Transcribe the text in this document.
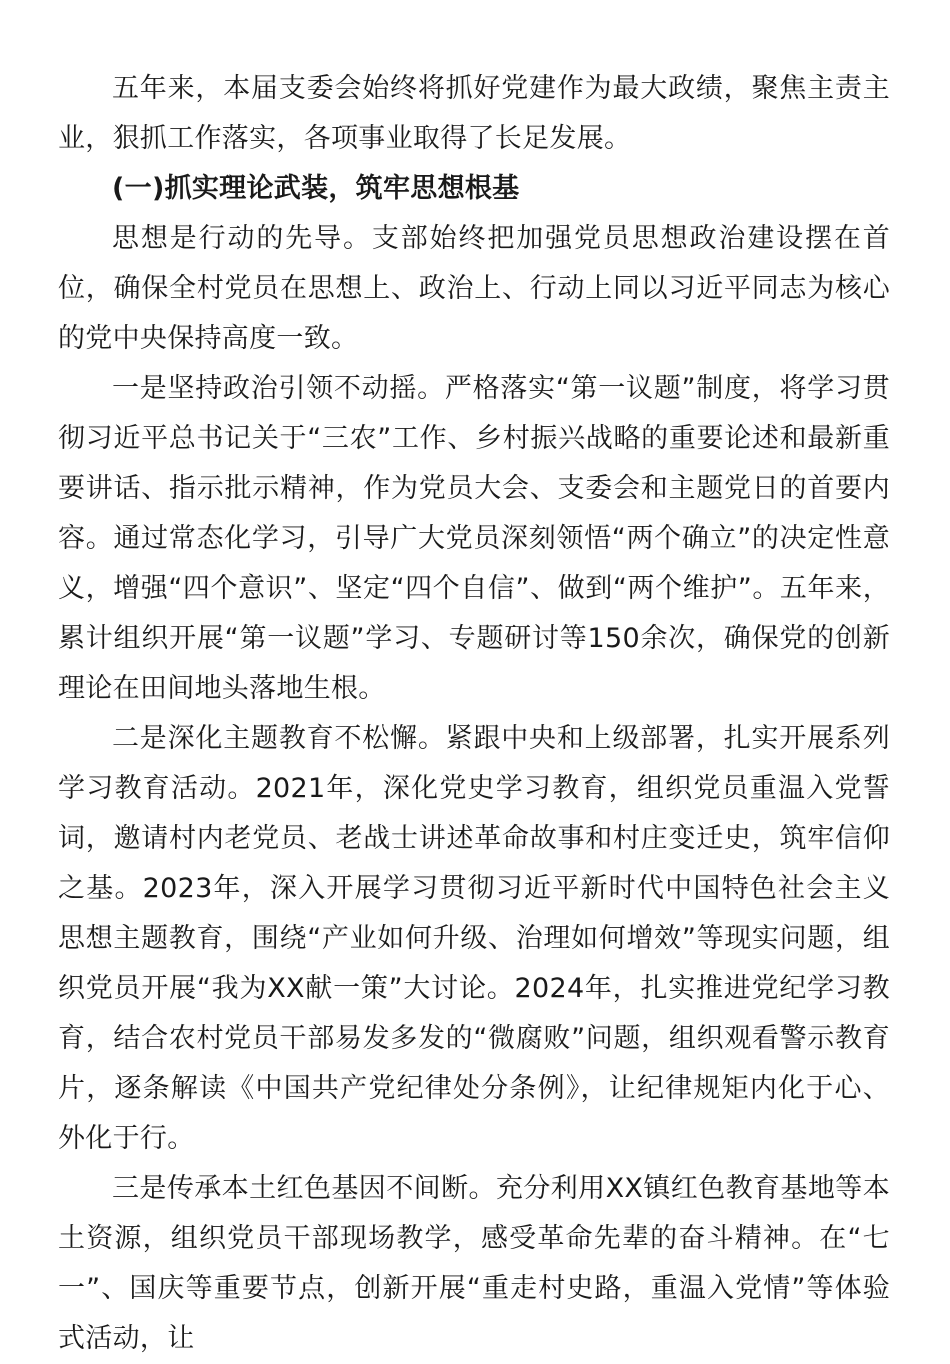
五年来，本届支委会始终将抓好党建作为最大政绩，聚焦主责主业，狠抓工作落实，各项事业取得了长足发展。

(一)抓实理论武装，筑牢思想根基

思想是行动的先导。支部始终把加强党员思想政治建设摆在首位，确保全村党员在思想上、政治上、行动上同以习近平同志为核心的党中央保持高度一致。

一是坚持政治引领不动摇。严格落实“第一议题”制度，将学习贯彻习近平总书记关于“三农”工作、乡村振兴战略的重要论述和最新重要讲话、指示批示精神，作为党员大会、支委会和主题党日的首要内容。通过常态化学习，引导广大党员深刻领悟“两个确立”的决定性意义，增强“四个意识”、坚定“四个自信”、做到“两个维护”。五年来，累计组织开展“第一议题”学习、专题研讨等150余次，确保党的创新理论在田间地头落地生根。

二是深化主题教育不松懈。紧跟中央和上级部署，扎实开展系列学习教育活动。2021年，深化党史学习教育，组织党员重温入党誓词，邀请村内老党员、老战士讲述革命故事和村庄变迁史，筑牢信仰之基。2023年，深入开展学习贯彻习近平新时代中国特色社会主义思想主题教育，围绕“产业如何升级、治理如何增效”等现实问题，组织党员开展“我为XX献一策”大讨论。2024年，扎实推进党纪学习教育，结合农村党员干部易发多发的“微腐败”问题，组织观看警示教育片，逐条解读《中国共产党纪律处分条例》，让纪律规矩内化于心、外化于行。

三是传承本土红色基因不间断。充分利用XX镇红色教育基地等本土资源，组织党员干部现场教学，感受革命先辈的奋斗精神。在“七一”、国庆等重要节点，创新开展“重走村史路，重温入党情”等体验式活动，让
